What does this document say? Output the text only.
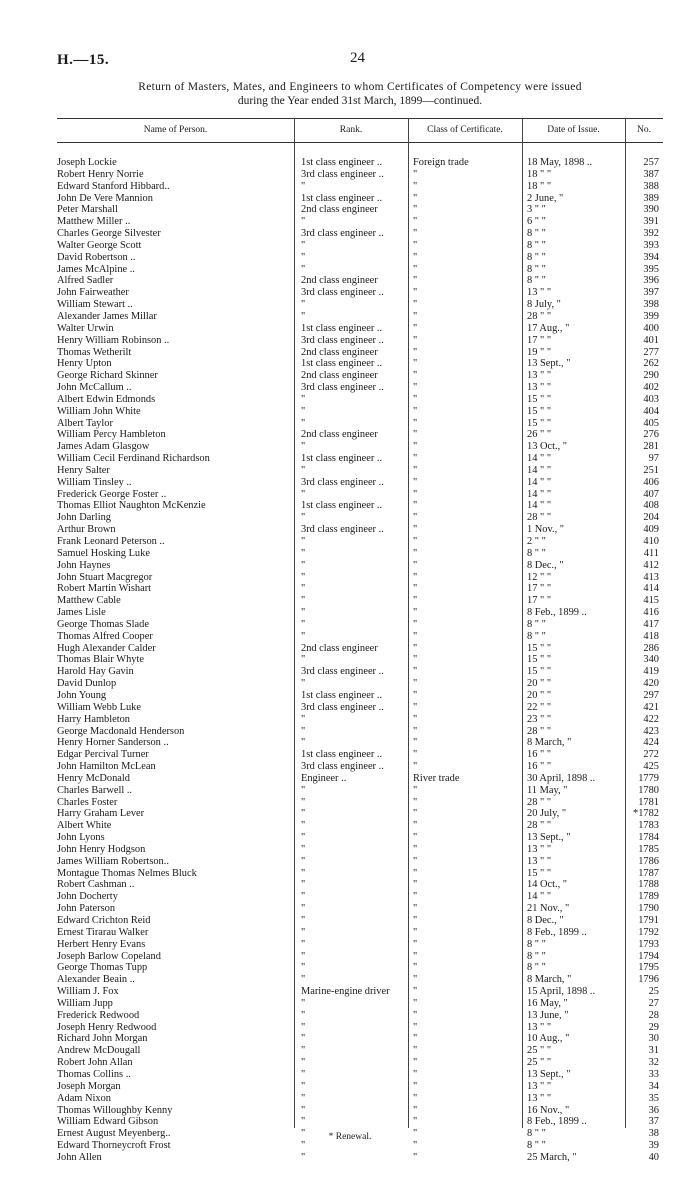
H.—15.	24
Return of Masters, Mates, and Engineers to whom Certificates of Competency were issued
during the Year ended 31st March, 1899—continued.
Name of Person.	Rank.	Class of Certificate.	Date of Issue.	No.
Joseph Lockie	1st class engineer ..	Foreign trade	18 May, 1898 ..	257
Robert Henry Norrie	3rd class engineer ..	"	18 " "	387
Edward Stanford Hibbard..	"	"	18 " "	388
John De Vere Mannion	1st class engineer ..	"	2 June, "	389
Peter Marshall	2nd class engineer	"	3 " "	390
Matthew Miller ..	"	"	6 " "	391
Charles George Silvester	3rd class engineer ..	"	8 " "	392
Walter George Scott	"	"	8 " "	393
David Robertson ..	"	"	8 " "	394
James McAlpine ..	"	"	8 " "	395
Alfred Sadler	2nd class engineer	"	8 " "	396
John Fairweather	3rd class engineer ..	"	13 " "	397
William Stewart ..	"	"	8 July, "	398
Alexander James Millar	"	"	28 " "	399
Walter Urwin	1st class engineer ..	"	17 Aug., "	400
Henry William Robinson ..	3rd class engineer ..	"	17 " "	401
Thomas Wetherilt	2nd class engineer	"	19 " "	277
Henry Upton	1st class engineer ..	"	13 Sept., "	262
George Richard Skinner	2nd class engineer	"	13 " "	290
John McCallum ..	3rd class engineer ..	"	13 " "	402
Albert Edwin Edmonds	"	"	15 " "	403
William John White	"	"	15 " "	404
Albert Taylor	"	"	15 " "	405
William Percy Hambleton	2nd class engineer	"	26 " "	276
James Adam Glasgow	"	"	13 Oct., "	281
William Cecil Ferdinand Richardson	1st class engineer ..	"	14 " "	97
Henry Salter	"	"	14 " "	251
William Tinsley ..	3rd class engineer ..	"	14 " "	406
Frederick George Foster ..	"	"	14 " "	407
Thomas Elliot Naughton McKenzie	1st class engineer ..	"	14 " "	408
John Darling	"	"	28 " "	204
Arthur Brown	3rd class engineer ..	"	1 Nov., "	409
Frank Leonard Peterson ..	"	"	2 " "	410
Samuel Hosking Luke	"	"	8 " "	411
John Haynes	"	"	8 Dec., "	412
John Stuart Macgregor	"	"	12 " "	413
Robert Martin Wishart	"	"	17 " "	414
Matthew Cable	"	"	17 " "	415
James Lisle	"	"	8 Feb., 1899 ..	416
George Thomas Slade	"	"	8 " "	417
Thomas Alfred Cooper	"	"	8 " "	418
Hugh Alexander Calder	2nd class engineer	"	15 " "	286
Thomas Blair Whyte	"	"	15 " "	340
Harold Hay Gavin	3rd class engineer ..	"	15 " "	419
David Dunlop	"	"	20 " "	420
John Young	1st class engineer ..	"	20 " "	297
William Webb Luke	3rd class engineer ..	"	22 " "	421
Harry Hambleton	"	"	23 " "	422
George Macdonald Henderson	"	"	28 " "	423
Henry Horner Sanderson ..	"	"	8 March, "	424
Edgar Percival Turner	1st class engineer ..	"	16 " "	272
John Hamilton McLean	3rd class engineer ..	"	16 " "	425
Henry McDonald	Engineer ..	River trade	30 April, 1898 ..	1779
Charles Barwell ..	"	"	11 May, "	1780
Charles Foster	"	"	28 " "	1781
Harry Graham Lever	"	"	20 July, "	*1782
Albert White	"	"	28 " "	1783
John Lyons	"	"	13 Sept., "	1784
John Henry Hodgson	"	"	13 " "	1785
James William Robertson..	"	"	13 " "	1786
Montague Thomas Nelmes Bluck	"	"	15 " "	1787
Robert Cashman ..	"	"	14 Oct., "	1788
John Docherty	"	"	14 " "	1789
John Paterson	"	"	21 Nov., "	1790
Edward Crichton Reid	"	"	8 Dec., "	1791
Ernest Tirarau Walker	"	"	8 Feb., 1899 ..	1792
Herbert Henry Evans	"	"	8 " "	1793
Joseph Barlow Copeland	"	"	8 " "	1794
George Thomas Tupp	"	"	8 " "	1795
Alexander Beain ..	"	"	8 March, "	1796
William J. Fox	Marine-engine driver	"	15 April, 1898 ..	25
William Jupp	"	"	16 May, "	27
Frederick Redwood	"	"	13 June, "	28
Joseph Henry Redwood	"	"	13 " "	29
Richard John Morgan	"	"	10 Aug., "	30
Andrew McDougall	"	"	25 " "	31
Robert John Allan	"	"	25 " "	32
Thomas Collins ..	"	"	13 Sept., "	33
Joseph Morgan	"	"	13 " "	34
Adam Nixon	"	"	13 " "	35
Thomas Willoughby Kenny	"	"	16 Nov., "	36
William Edward Gibson	"	"	8 Feb., 1899 ..	37
Ernest August Meyenberg..	"	"	8 " "	38
Edward Thorneycroft Frost	"	"	8 " "	39
John Allen	"	"	25 March, "	40
* Renewal.
